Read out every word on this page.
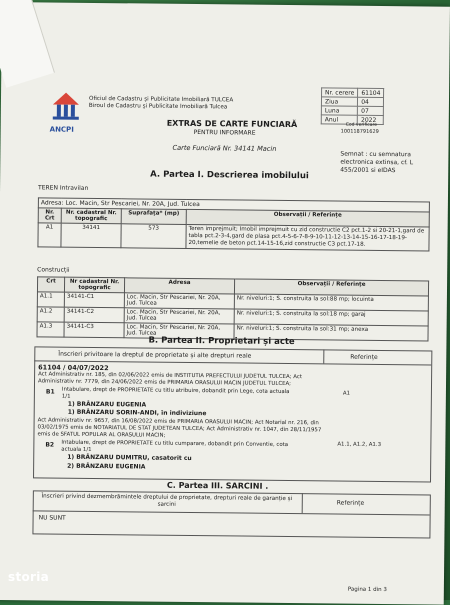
ANCPI
Oficiul de Cadastru și Publicitate Imobiliară TULCEA
Biroul de Cadastru și Publicitate Imobiliară Tulcea
EXTRAS DE CARTE FUNCIARĂ
PENTRU INFORMARE
Carte Funciară Nr. 34141 Macin
Nr. cerere	61104
Ziua	04
Luna	07
Anul	2022
Cod verificare
100118791629
Semnat : cu semnatura electronica extinsa, cf. L 455/2001 si eIDAS
A. Partea I. Descrierea imobilului
TEREN Intravilan
Adresa: Loc. Macin, Str Pescariei, Nr. 20A, Jud. Tulcea			
Nr. Crt	Nr. cadastral Nr. topografic	Suprafața* (mp)	Observații / Referințe
A1	34141	573	Teren imprejmuit; Imobil imprejmuit cu zid constructie C2 pct.1-2 si 20-21-1,gard de tabla pct.2-3-4,gard de plasa pct.4-5-6-7-8-9-10-11-12-13-14-15-16-17-18-19-20,temelie de beton pct.14-15-16,zid constructie C3 pct.17-18.
Construcții
Crt	Nr cadastral Nr. topografic	Adresa	Observații / Referințe
A1.1	34141-C1	Loc. Macin, Str Pescariei, Nr. 20A, Jud. Tulcea	Nr. niveluri:1; S. construita la sol:88 mp; locuinta
A1.2	34141-C2	Loc. Macin, Str Pescariei, Nr. 20A, Jud. Tulcea	Nr. niveluri:1; S. construita la sol:18 mp; garaj
A1.3	34141-C3	Loc. Macin, Str Pescariei, Nr. 20A, Jud. Tulcea	Nr. niveluri:1; S. construita la sol:31 mp; anexa
B. Partea II. Proprietari și acte
Înscrieri privitoare la dreptul de proprietate și alte drepturi reale	Referințe
61104 / 04/07/2022
Act Administrativ nr. 185, din 02/06/2022 emis de INSTITUTIA PREFECTULUI JUDETUL TULCEA; Act
Administrativ nr. 7779, din 24/06/2022 emis de PRIMARIA ORASULUI MACIN JUDETUL TULCEA;
B1 Intabulare, drept de PROPRIETATE cu titlu atribuire, dobandit prin Lege, cota actuala 1/1
A1
1) BRÂNZARU EUGENIA
1) BRÂNZARU SORIN-ANDI, în indiviziune
Act Administrativ nr. 9657, din 16/08/2022 emis de PRIMARIA ORASULUI MACIN; Act Notarial nr. 216, din
03/02/1975 emis de NOTARIATUL DE STAT JUDETEAN TULCEA; Act Administrativ nr. 1047, din 28/11/1957
emis de SFATUL POPULAR AL ORASULUI MACIN;
B2 Intabulare, drept de PROPRIETATE cu titlu cumparare, dobandit prin Conventie, cota actuala 1/1
A1.1, A1.2, A1.3
1) BRÂNZARU DUMITRU, casatorit cu
2) BRÂNZARU EUGENIA
C. Partea III. SARCINI .
Înscrieri privind dezmembrămintele dreptului de proprietate, drepturi reale de garanție și sarcini	Referințe
NU SUNT
Pagina 1 din 3
storia
